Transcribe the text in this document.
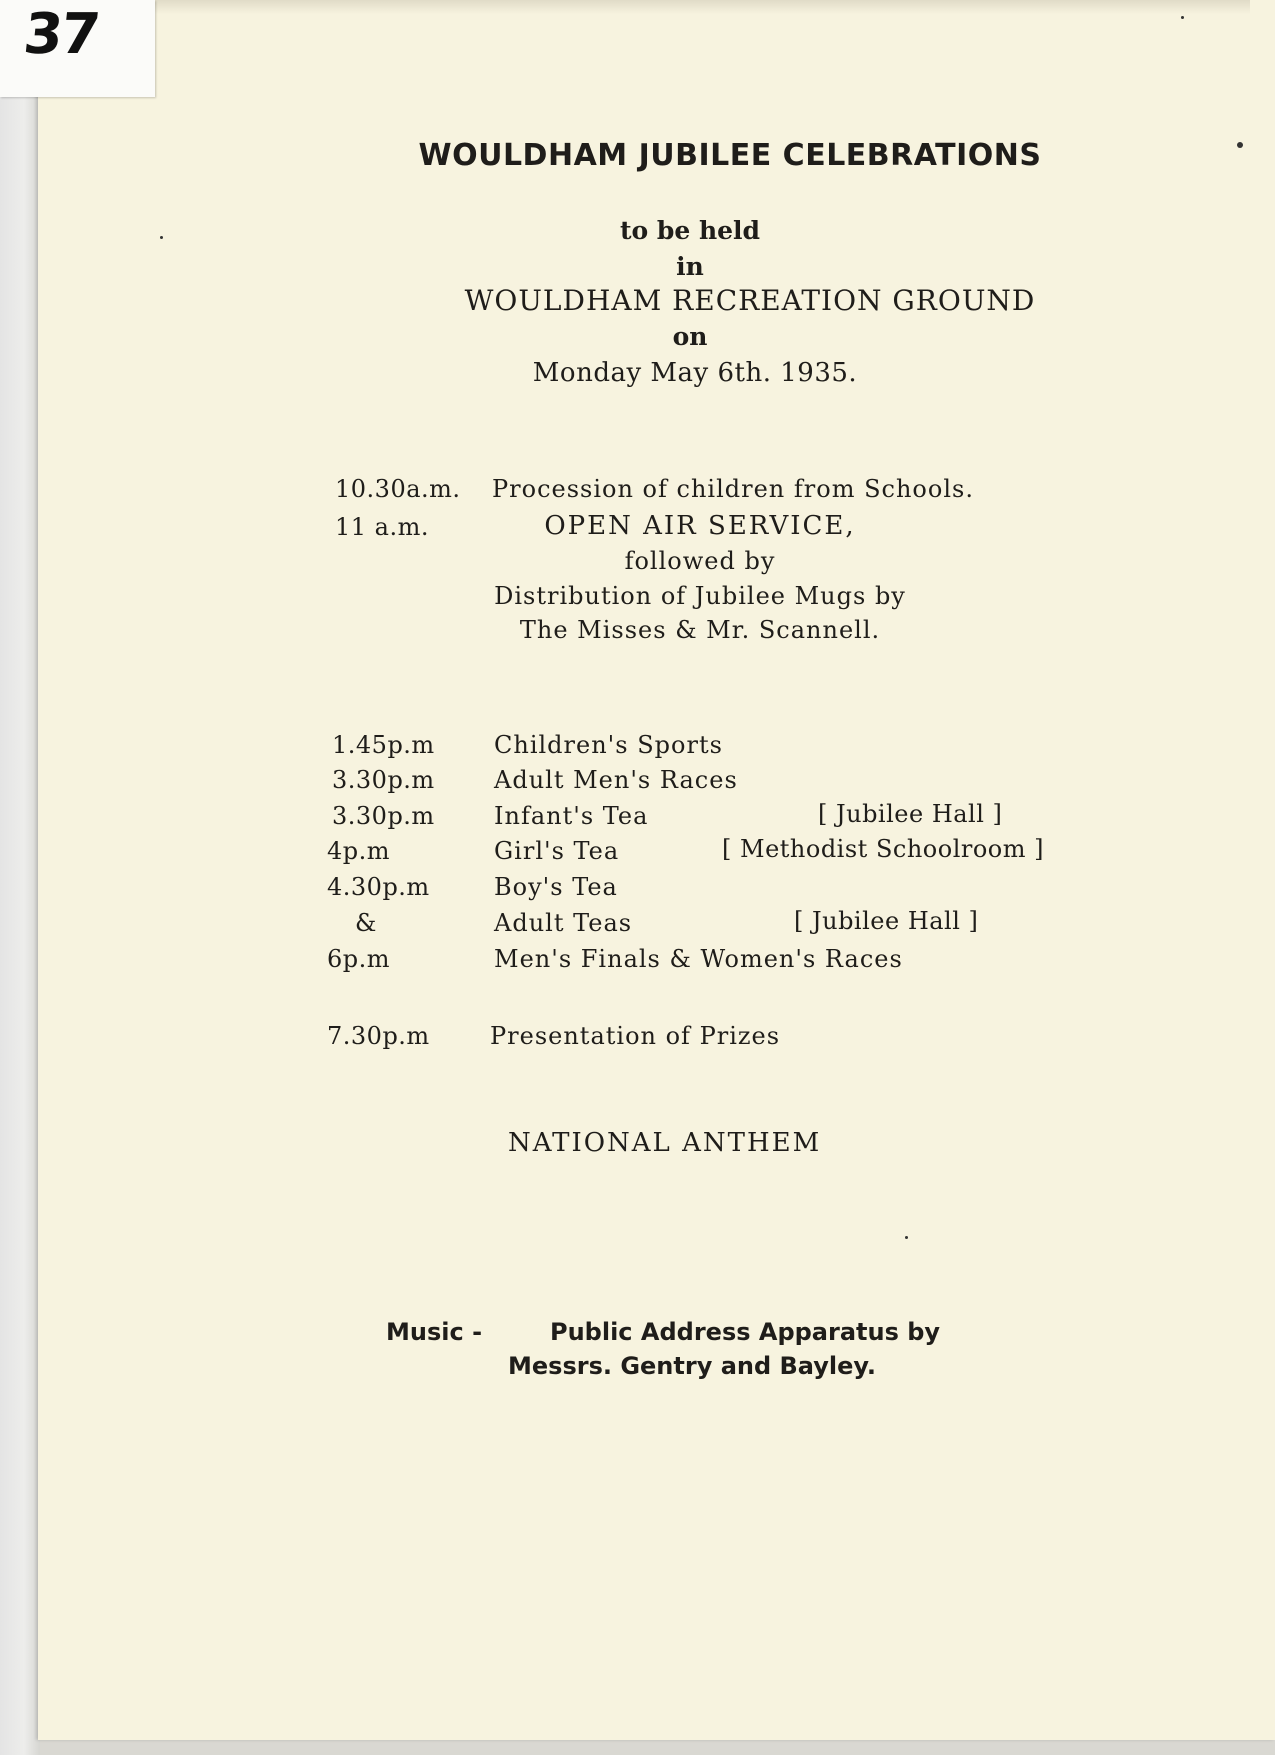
37
WOULDHAM JUBILEE CELEBRATIONS
to be held
in
WOULDHAM RECREATION GROUND
on
Monday May 6th. 1935.
10.30a.m. Procession of children from Schools.
11 a.m.	OPEN AIR SERVICE,
followed by
Distribution of Jubilee Mugs by
The Misses & Mr. Scannell.
1.45p.m Children's Sports
3.30p.m Adult Men's Races
3.30p.m Infant's Tea	[ Jubilee Hall ]
4p.m	Girl's Tea	[ Methodist Schoolroom ]
4.30p.m	Boy's Tea
&	Adult Teas	[ Jubilee Hall ]
6p.m	Men's Finals & Women's Races
7.30p.m	Presentation of Prizes
NATIONAL ANTHEM
Music -	Public Address Apparatus by
Messrs. Gentry and Bayley.
